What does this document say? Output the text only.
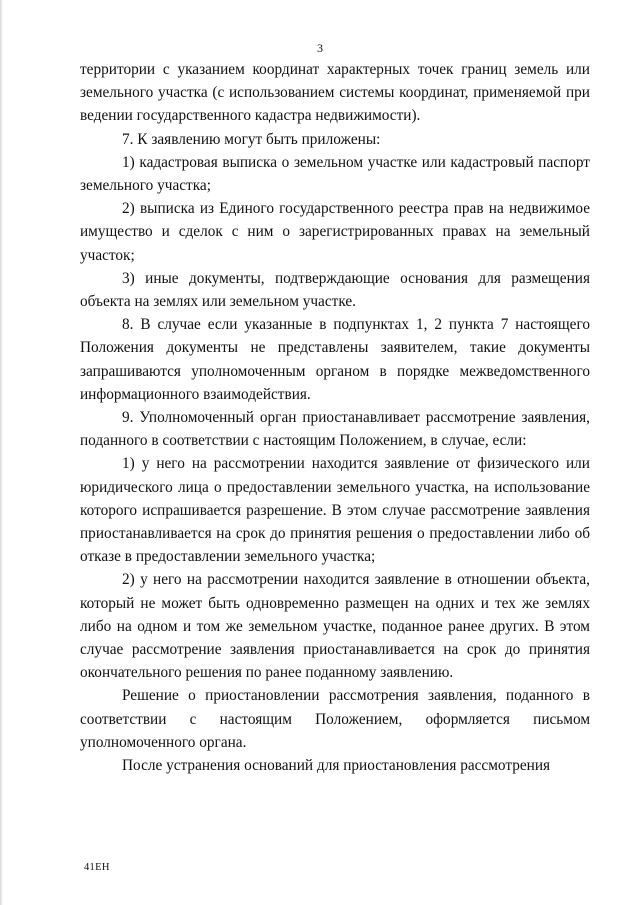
3

территории с указанием координат характерных точек границ земель или земельного участка (с использованием системы координат, применяемой при ведении государственного кадастра недвижимости).

7. К заявлению могут быть приложены:

1) кадастровая выписка о земельном участке или кадастровый паспорт земельного участка;

2) выписка из Единого государственного реестра прав на недвижимое имущество и сделок с ним о зарегистрированных правах на земельный участок;

3) иные документы, подтверждающие основания для размещения объекта на землях или земельном участке.

8. В случае если указанные в подпунктах 1, 2 пункта 7 настоящего Положения документы не представлены заявителем, такие документы запрашиваются уполномоченным органом в порядке межведомственного информационного взаимодействия.

9. Уполномоченный орган приостанавливает рассмотрение заявления, поданного в соответствии с настоящим Положением, в случае, если:

1) у него на рассмотрении находится заявление от физического или юридического лица о предоставлении земельного участка, на использование которого испрашивается разрешение. В этом случае рассмотрение заявления приостанавливается на срок до принятия решения о предоставлении либо об отказе в предоставлении земельного участка;

2) у него на рассмотрении находится заявление в отношении объекта, который не может быть одновременно размещен на одних и тех же землях либо на одном и том же земельном участке, поданное ранее других. В этом случае рассмотрение заявления приостанавливается на срок до принятия окончательного решения по ранее поданному заявлению.

Решение о приостановлении рассмотрения заявления, поданного в соответствии с настоящим Положением, оформляется письмом уполномоченного органа.

После устранения оснований для приостановления рассмотрения

41ЕН
